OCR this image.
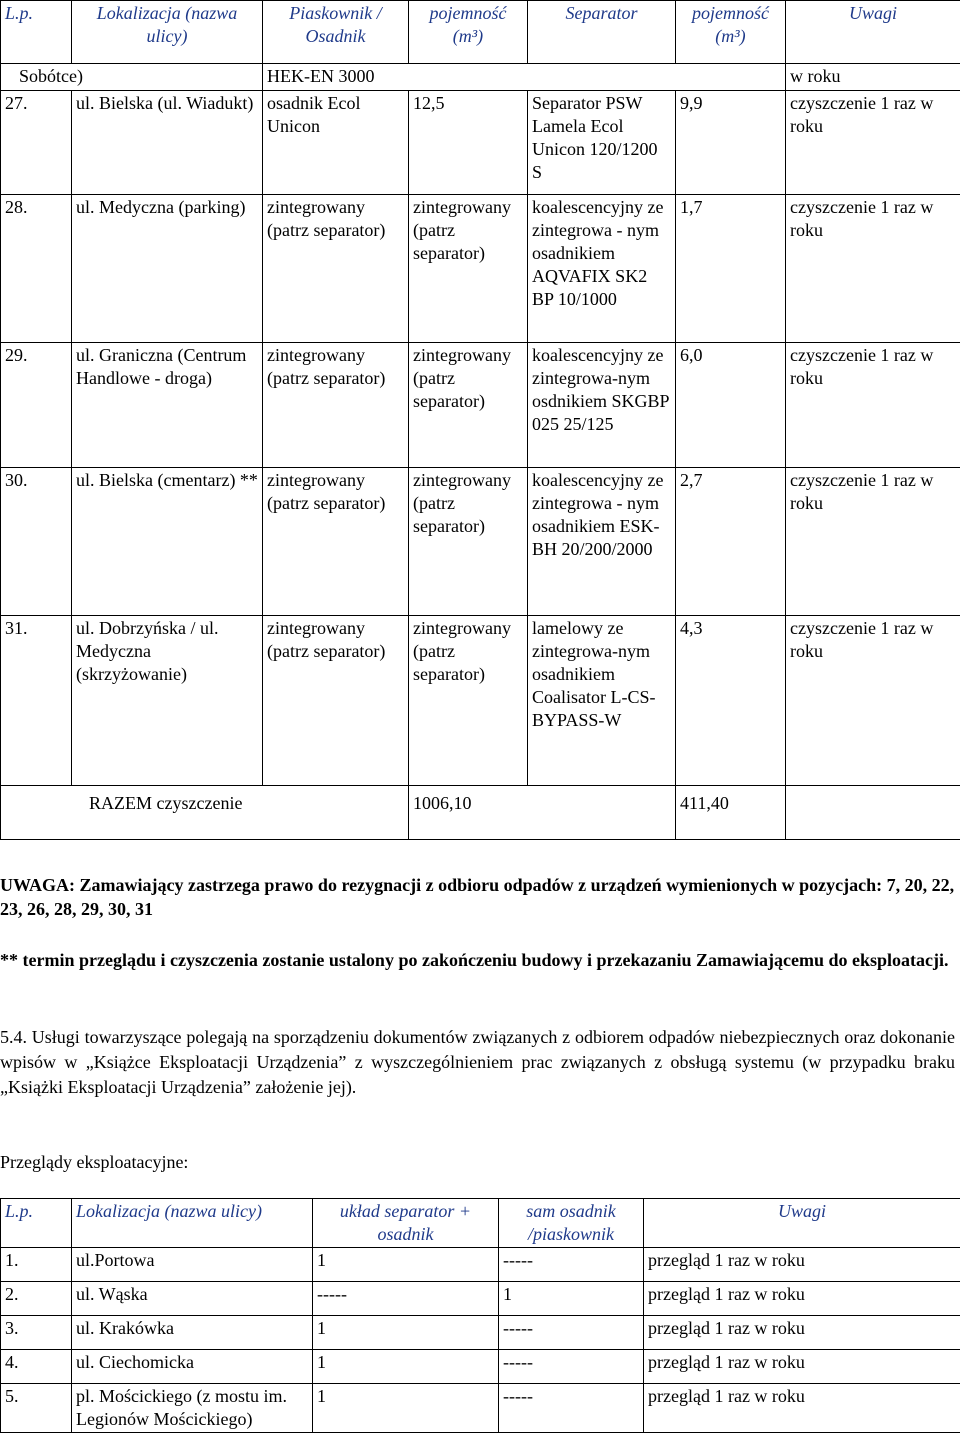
L.p.	Lokalizacja (nazwa ulicy)	Piaskownik / Osadnik	pojemność (m³)	Separator	pojemność (m³)	Uwagi
Sobótce)		HEK-EN 3000				w roku
27.	ul. Bielska (ul. Wiadukt)	osadnik Ecol Unicon	12,5	Separator PSW Lamela Ecol Unicon 120/1200 S	9,9	czyszczenie 1 raz w roku
28.	ul. Medyczna (parking)	zintegrowany (patrz separator)	zintegrowany (patrz separator)	koalescencyjny ze zintegrowa - nym osadnikiem AQVAFIX SK2 BP 10/1000	1,7	czyszczenie 1 raz w roku
29.	ul. Graniczna (Centrum Handlowe - droga)	zintegrowany (patrz separator)	zintegrowany (patrz separator)	koalescencyjny ze zintegrowa-nym osdnikiem SKGBP 025 25/125	6,0	czyszczenie 1 raz w roku
30.	ul. Bielska (cmentarz) **	zintegrowany (patrz separator)	zintegrowany (patrz separator)	koalescencyjny ze zintegrowa - nym osadnikiem ESK-BH 20/200/2000	2,7	czyszczenie 1 raz w roku
31.	ul. Dobrzyńska / ul. Medyczna (skrzyżowanie)	zintegrowany (patrz separator)	zintegrowany (patrz separator)	lamelowy ze zintegrowa-nym osadnikiem Coalisator L-CS-BYPASS-W	4,3	czyszczenie 1 raz w roku
RAZEM czyszczenie			1006,10		411,40	
UWAGA: Zamawiający zastrzega prawo do rezygnacji z odbioru odpadów z urządzeń wymienionych w pozycjach: 7, 20, 22, 23, 26, 28, 29, 30, 31
** termin przeglądu i czyszczenia zostanie ustalony po zakończeniu budowy i przekazaniu Zamawiającemu do eksploatacji.
5.4. Usługi towarzyszące polegają na sporządzeniu dokumentów związanych z odbiorem odpadów niebezpiecznych oraz dokonanie wpisów w „Książce Eksploatacji Urządzenia” z wyszczególnieniem prac związanych z obsługą systemu (w przypadku braku „Książki Eksploatacji Urządzenia” założenie jej).
Przeglądy eksploatacyjne:
L.p.	Lokalizacja (nazwa ulicy)	układ separator + osadnik	sam osadnik /piaskownik	Uwagi
1.	ul.Portowa	1	-----	przegląd 1 raz w roku
2.	ul. Wąska	-----	1	przegląd 1 raz w roku
3.	ul. Krakówka	1	-----	przegląd 1 raz w roku
4.	ul. Ciechomicka	1	-----	przegląd 1 raz w roku
5.	pl. Mościckiego (z mostu im. Legionów Mościckiego)	1	-----	przegląd 1 raz w roku
